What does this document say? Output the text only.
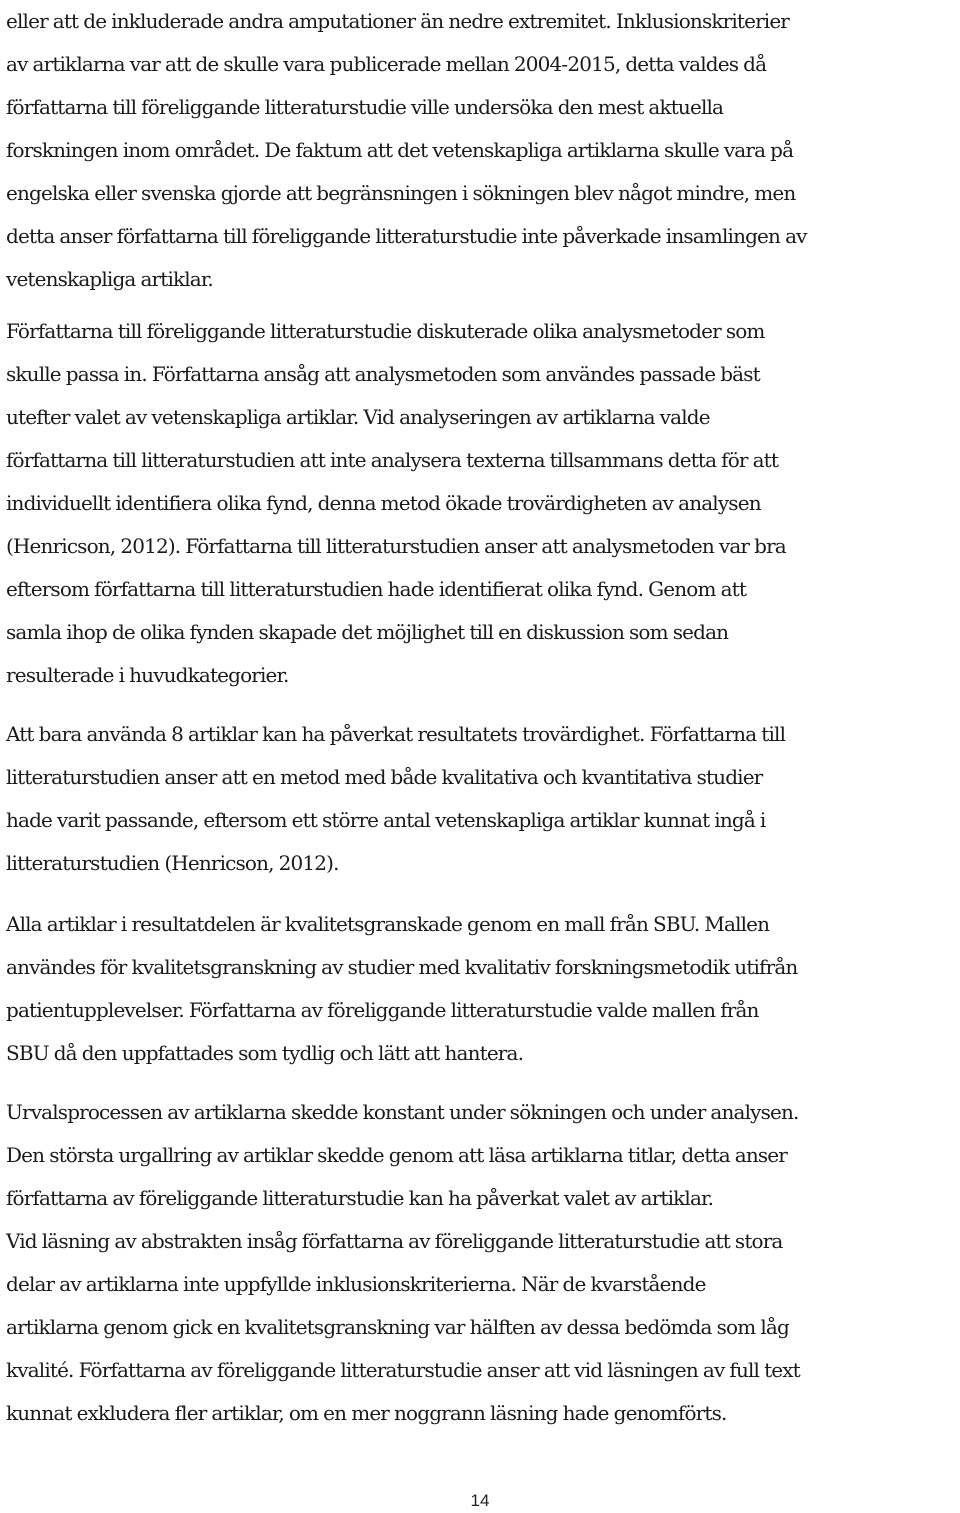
eller att de inkluderade andra amputationer än nedre extremitet. Inklusionskriterier
av artiklarna var att de skulle vara publicerade mellan 2004-2015, detta valdes då
författarna till föreliggande litteraturstudie ville undersöka den mest aktuella
forskningen inom området. De faktum att det vetenskapliga artiklarna skulle vara på
engelska eller svenska gjorde att begränsningen i sökningen blev något mindre, men
detta anser författarna till föreliggande litteraturstudie inte påverkade insamlingen av
vetenskapliga artiklar.

Författarna till föreliggande litteraturstudie diskuterade olika analysmetoder som
skulle passa in. Författarna ansåg att analysmetoden som användes passade bäst
utefter valet av vetenskapliga artiklar. Vid analyseringen av artiklarna valde
författarna till litteraturstudien att inte analysera texterna tillsammans detta för att
individuellt identifiera olika fynd, denna metod ökade trovärdigheten av analysen
(Henricson, 2012). Författarna till litteraturstudien anser att analysmetoden var bra
eftersom författarna till litteraturstudien hade identifierat olika fynd. Genom att
samla ihop de olika fynden skapade det möjlighet till en diskussion som sedan
resulterade i huvudkategorier.

Att bara använda 8 artiklar kan ha påverkat resultatets trovärdighet. Författarna till
litteraturstudien anser att en metod med både kvalitativa och kvantitativa studier
hade varit passande, eftersom ett större antal vetenskapliga artiklar kunnat ingå i
litteraturstudien (Henricson, 2012).

Alla artiklar i resultatdelen är kvalitetsgranskade genom en mall från SBU. Mallen
användes för kvalitetsgranskning av studier med kvalitativ forskningsmetodik utifrån
patientupplevelser. Författarna av föreliggande litteraturstudie valde mallen från
SBU då den uppfattades som tydlig och lätt att hantera.

Urvalsprocessen av artiklarna skedde konstant under sökningen och under analysen.
Den största urgallring av artiklar skedde genom att läsa artiklarna titlar, detta anser
författarna av föreliggande litteraturstudie kan ha påverkat valet av artiklar.
Vid läsning av abstrakten insåg författarna av föreliggande litteraturstudie att stora
delar av artiklarna inte uppfyllde inklusionskriterierna. När de kvarstående
artiklarna genom gick en kvalitetsgranskning var hälften av dessa bedömda som låg
kvalité. Författarna av föreliggande litteraturstudie anser att vid läsningen av full text
kunnat exkludera fler artiklar, om en mer noggrann läsning hade genomförts.

14
